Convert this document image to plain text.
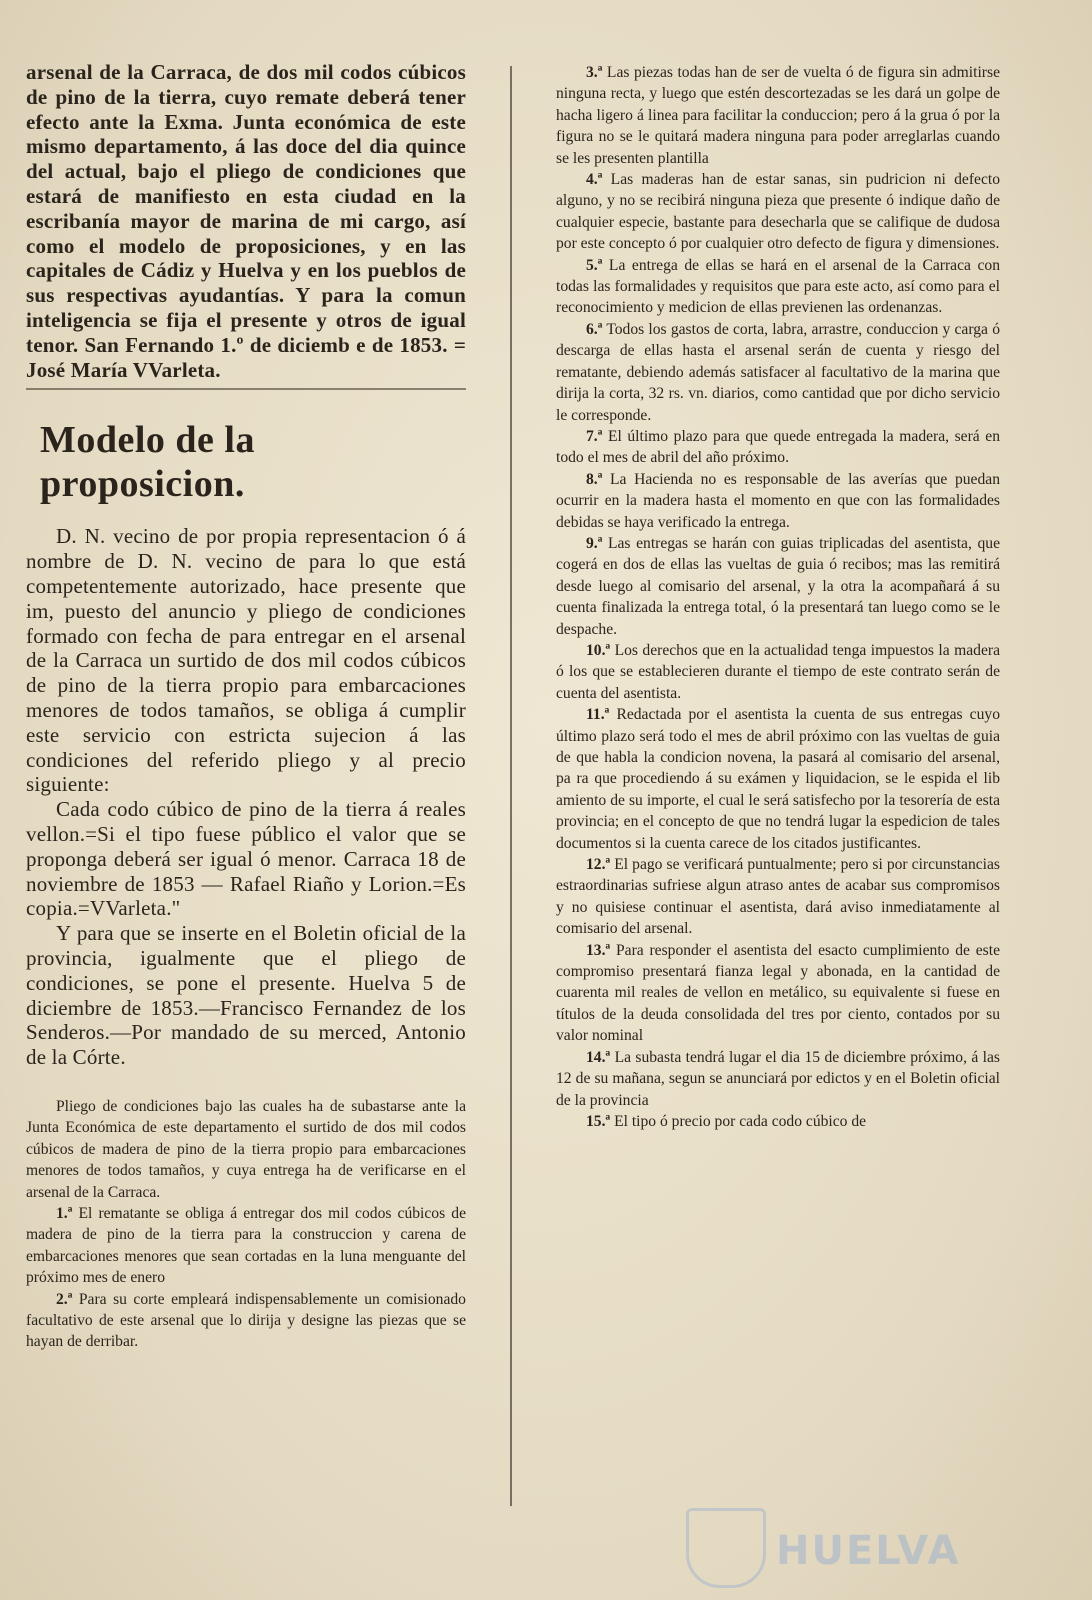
arsenal de la Carraca, de dos mil codos cúbicos de pino de la tierra, cuyo remate deberá tener efecto ante la Exma. Junta económica de este mismo departamento, á las doce del dia quince del actual, bajo el pliego de condiciones que estará de manifiesto en esta ciudad en la escribanía mayor de marina de mi cargo, así como el modelo de proposiciones, y en las capitales de Cádiz y Huelva y en los pueblos de sus respectivas ayudantías. Y para la comun inteligencia se fija el presente y otros de igual tenor. San Fernando 1.º de diciemb e de 1853. = José María VVarleta.

Modelo de la proposicion.

D. N. vecino de por propia representacion ó á nombre de D. N. vecino de para lo que está competentemente autorizado, hace presente que im, puesto del anuncio y pliego de condiciones formado con fecha de para entregar en el arsenal de la Carraca un surtido de dos mil codos cúbicos de pino de la tierra propio para embarcaciones menores de todos tamaños, se obliga á cumplir este servicio con estricta sujecion á las condiciones del referido pliego y al precio siguiente:

Cada codo cúbico de pino de la tierra á reales vellon.=Si el tipo fuese público el valor que se proponga deberá ser igual ó menor. Carraca 18 de noviembre de 1853 — Rafael Riaño y Lorion.=Es copia.=VVarleta."

Y para que se inserte en el Boletin oficial de la provincia, igualmente que el pliego de condiciones, se pone el presente. Huelva 5 de diciembre de 1853.—Francisco Fernandez de los Senderos.—Por mandado de su merced, Antonio de la Córte.

Pliego de condiciones bajo las cuales ha de subastarse ante la Junta Económica de este departamento el surtido de dos mil codos cúbicos de madera de pino de la tierra propio para embarcaciones menores de todos tamaños, y cuya entrega ha de verificarse en el arsenal de la Carraca.

1.ª El rematante se obliga á entregar dos mil codos cúbicos de madera de pino de la tierra para la construccion y carena de embarcaciones menores que sean cortadas en la luna menguante del próximo mes de enero

2.ª Para su corte empleará indispensablemente un comisionado facultativo de este arsenal que lo dirija y designe las piezas que se hayan de derribar.

3.ª Las piezas todas han de ser de vuelta ó de figura sin admitirse ninguna recta, y luego que estén descortezadas se les dará un golpe de hacha ligero á linea para facilitar la conduccion; pero á la grua ó por la figura no se le quitará madera ninguna para poder arreglarlas cuando se les presenten plantilla

4.ª Las maderas han de estar sanas, sin pudricion ni defecto alguno, y no se recibirá ninguna pieza que presente ó indique daño de cualquier especie, bastante para desecharla que se califique de dudosa por este concepto ó por cualquier otro defecto de figura y dimensiones.

5.ª La entrega de ellas se hará en el arsenal de la Carraca con todas las formalidades y requisitos que para este acto, así como para el reconocimiento y medicion de ellas previenen las ordenanzas.

6.ª Todos los gastos de corta, labra, arrastre, conduccion y carga ó descarga de ellas hasta el arsenal serán de cuenta y riesgo del rematante, debiendo además satisfacer al facultativo de la marina que dirija la corta, 32 rs. vn. diarios, como cantidad que por dicho servicio le corresponde.

7.ª El último plazo para que quede entregada la madera, será en todo el mes de abril del año próximo.

8.ª La Hacienda no es responsable de las averías que puedan ocurrir en la madera hasta el momento en que con las formalidades debidas se haya verificado la entrega.

9.ª Las entregas se harán con guias triplicadas del asentista, que cogerá en dos de ellas las vueltas de guia ó recibos; mas las remitirá desde luego al comisario del arsenal, y la otra la acompañará á su cuenta finalizada la entrega total, ó la presentará tan luego como se le despache.

10.ª Los derechos que en la actualidad tenga impuestos la madera ó los que se establecieren durante el tiempo de este contrato serán de cuenta del asentista.

11.ª Redactada por el asentista la cuenta de sus entregas cuyo último plazo será todo el mes de abril próximo con las vueltas de guia de que habla la condicion novena, la pasará al comisario del arsenal, pa ra que procediendo á su exámen y liquidacion, se le espida el lib amiento de su importe, el cual le será satisfecho por la tesorería de esta provincia; en el concepto de que no tendrá lugar la espedicion de tales documentos si la cuenta carece de los citados justificantes.

12.ª El pago se verificará puntualmente; pero si por circunstancias estraordinarias sufriese algun atraso antes de acabar sus compromisos y no quisiese continuar el asentista, dará aviso inmediatamente al comisario del arsenal.

13.ª Para responder el asentista del esacto cumplimiento de este compromiso presentará fianza legal y abonada, en la cantidad de cuarenta mil reales de vellon en metálico, su equivalente si fuese en títulos de la deuda consolidada del tres por ciento, contados por su valor nominal

14.ª La subasta tendrá lugar el dia 15 de diciembre próximo, á las 12 de su mañana, segun se anunciará por edictos y en el Boletin oficial de la provincia

15.ª El tipo ó precio por cada codo cúbico de

HUELVA
